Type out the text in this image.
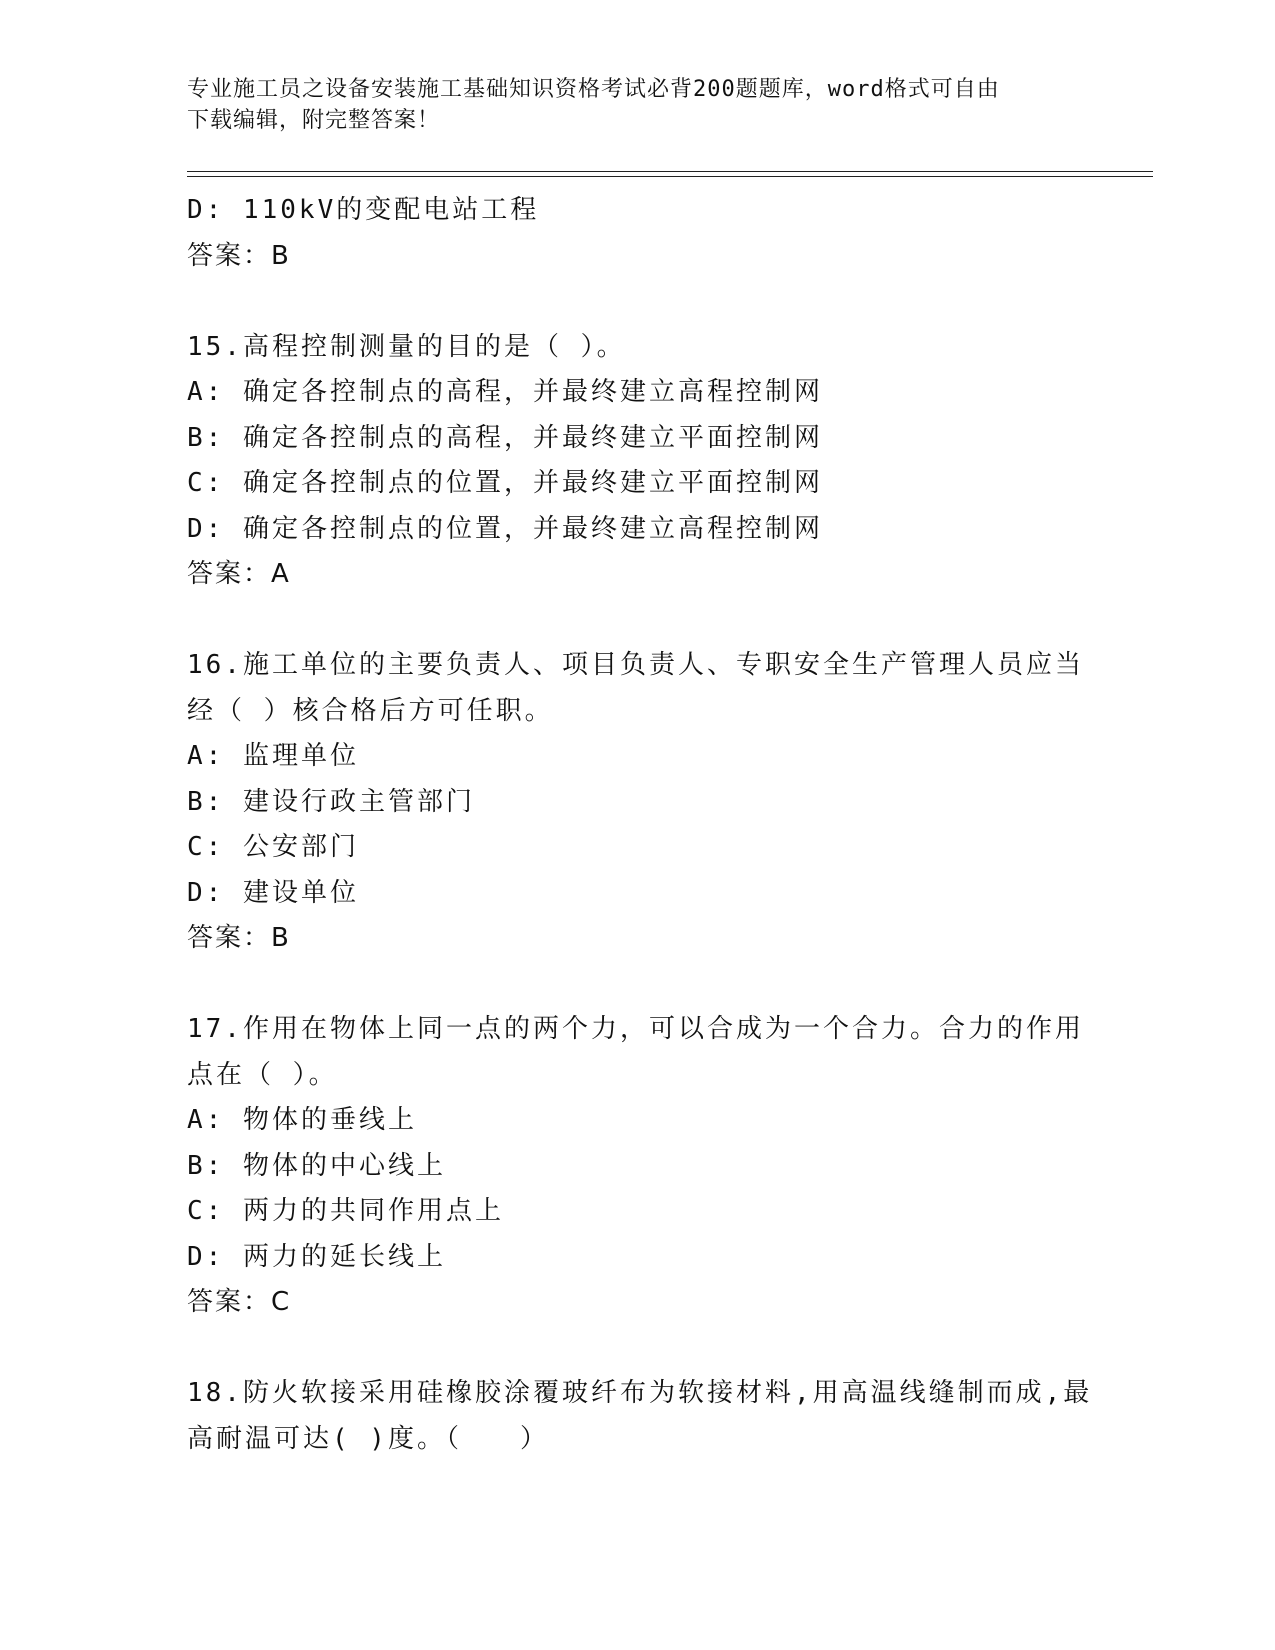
专业施工员之设备安装施工基础知识资格考试必背200题题库，word格式可自由
下载编辑，附完整答案！
D: 110kV的变配电站工程
答案：B
15.高程控制测量的目的是（ ）。
A: 确定各控制点的高程，并最终建立高程控制网
B: 确定各控制点的高程，并最终建立平面控制网
C: 确定各控制点的位置，并最终建立平面控制网
D: 确定各控制点的位置，并最终建立高程控制网
答案：A
16.施工单位的主要负责人、项目负责人、专职安全生产管理人员应当
经（ ）核合格后方可任职。
A: 监理单位
B: 建设行政主管部门
C: 公安部门
D: 建设单位
答案：B
17.作用在物体上同一点的两个力，可以合成为一个合力。合力的作用
点在（ ）。
A: 物体的垂线上
B: 物体的中心线上
C: 两力的共同作用点上
D: 两力的延长线上
答案：C
18.防火软接采用硅橡胶涂覆玻纤布为软接材料,用高温线缝制而成,最
高耐温可达( )度。（　　）
